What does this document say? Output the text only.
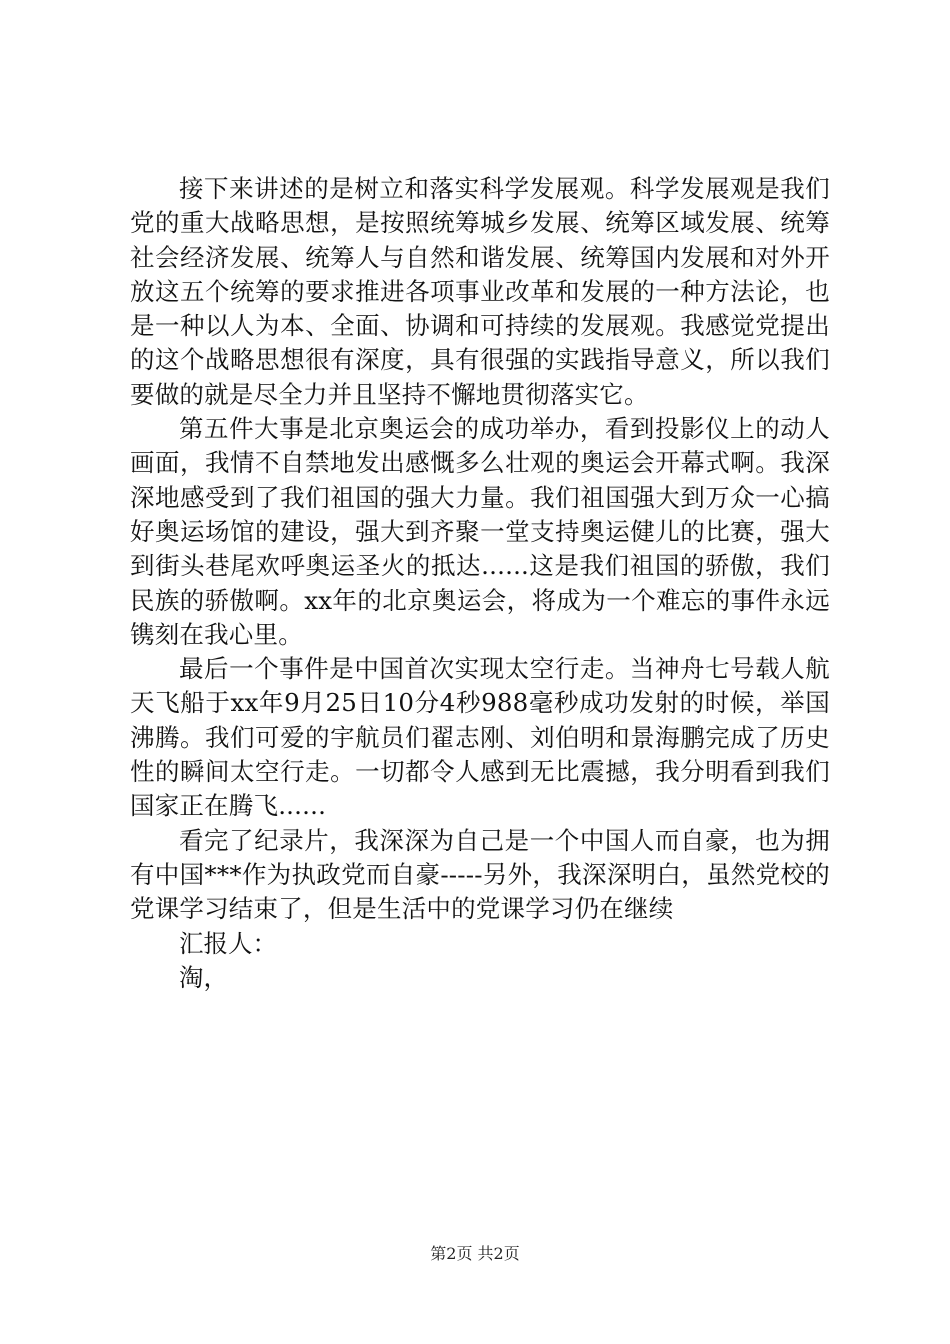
接下来讲述的是树立和落实科学发展观。科学发展观是我们党的重大战略思想，是按照统筹城乡发展、统筹区域发展、统筹社会经济发展、统筹人与自然和谐发展、统筹国内发展和对外开放这五个统筹的要求推进各项事业改革和发展的一种方法论，也是一种以人为本、全面、协调和可持续的发展观。我感觉党提出的这个战略思想很有深度，具有很强的实践指导意义，所以我们要做的就是尽全力并且坚持不懈地贯彻落实它。

第五件大事是北京奥运会的成功举办，看到投影仪上的动人画面，我情不自禁地发出感慨多么壮观的奥运会开幕式啊。我深深地感受到了我们祖国的强大力量。我们祖国强大到万众一心搞好奥运场馆的建设，强大到齐聚一堂支持奥运健儿的比赛，强大到街头巷尾欢呼奥运圣火的抵达......这是我们祖国的骄傲，我们民族的骄傲啊。xx年的北京奥运会，将成为一个难忘的事件永远镌刻在我心里。

最后一个事件是中国首次实现太空行走。当神舟七号载人航天飞船于xx年9月25日10分4秒988毫秒成功发射的时候，举国沸腾。我们可爱的宇航员们翟志刚、刘伯明和景海鹏完成了历史性的瞬间太空行走。一切都令人感到无比震撼，我分明看到我们国家正在腾飞......

看完了纪录片，我深深为自己是一个中国人而自豪，也为拥有中国***作为执政党而自豪-----另外，我深深明白，虽然党校的党课学习结束了，但是生活中的党课学习仍在继续

汇报人：

淘，

第2页 共2页
